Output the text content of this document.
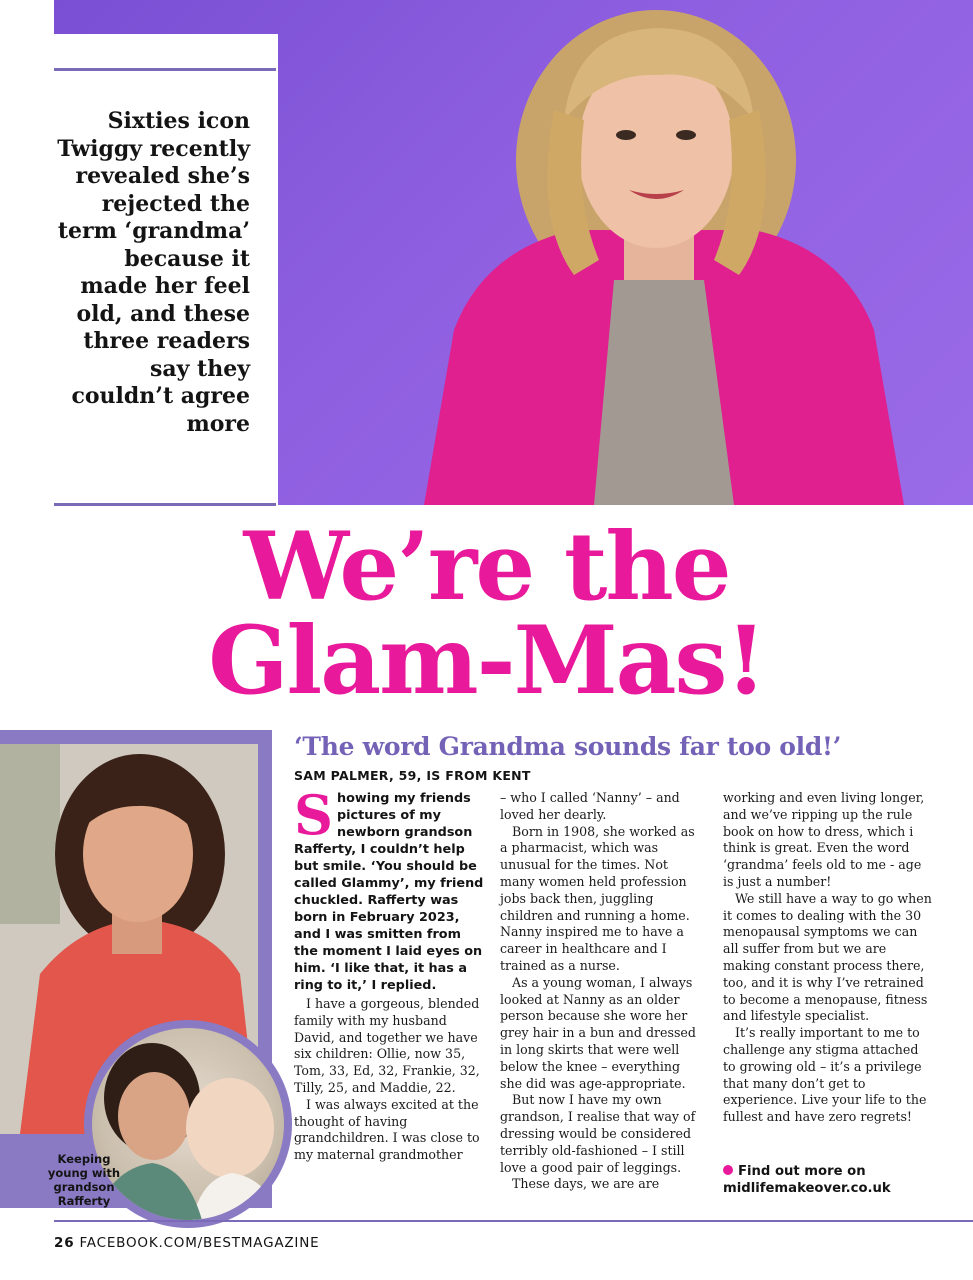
Sixties icon Twiggy recently revealed she’s rejected the term ‘grandma’ because it made her feel old, and these three readers say they couldn’t agree more
We’re the
Glam-Mas!
Keeping
young with
grandson
Rafferty
‘The word Grandma sounds far too old!’
SAM PALMER, 59, IS FROM KENT
Showing my friends pictures of my newborn grandson Rafferty, I couldn’t help but smile. ‘You should be called Glammy’, my friend chuckled. Rafferty was born in February 2023, and I was smitten from the moment I laid eyes on him. ‘I like that, it has a ring to it,’ I replied.

I have a gorgeous, blended family with my husband David, and together we have six children: Ollie, now 35, Tom, 33, Ed, 32, Frankie, 32, Tilly, 25, and Maddie, 22.

I was always excited at the thought of having grandchildren. I was close to my maternal grandmother

– who I called ‘Nanny’ – and loved her dearly.

Born in 1908, she worked as a pharmacist, which was unusual for the times. Not many women held profession jobs back then, juggling children and running a home. Nanny inspired me to have a career in healthcare and I trained as a nurse.

As a young woman, I always looked at Nanny as an older person because she wore her grey hair in a bun and dressed in long skirts that were well below the knee – everything she did was age-appropriate.

But now I have my own grandson, I realise that way of dressing would be considered terribly old-fashioned – I still love a good pair of leggings.

These days, we are are

working and even living longer, and we’ve ripping up the rule book on how to dress, which i think is great. Even the word ‘grandma’ feels old to me - age is just a number!

We still have a way to go when it comes to dealing with the 30 menopausal symptoms we can all suffer from but we are making constant process there, too, and it is why I’ve retrained to become a menopause, fitness and lifestyle specialist.

It’s really important to me to challenge any stigma attached to growing old – it’s a privilege that many don’t get to experience. Live your life to the fullest and have zero regrets!

Find out more on
midlifemakeover.co.uk
26 FACEBOOK.COM/BESTMAGAZINE
